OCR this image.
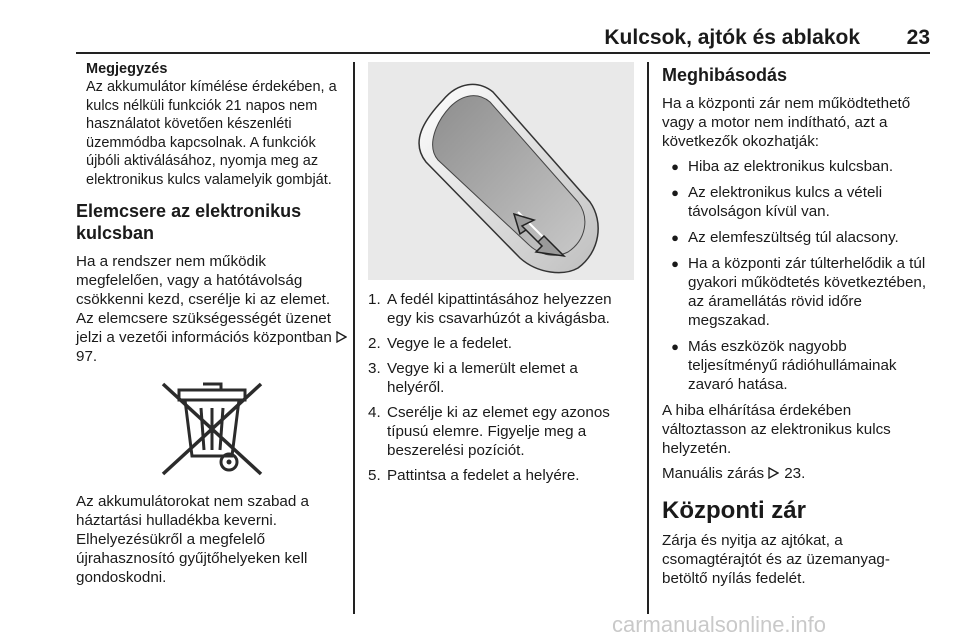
Kulcsok, ajtók és ablakok	23

Megjegyzés

Az akkumulátor kímélése érdekében, a kulcs nélküli funkciók 21 napos nem használatot követően készenléti üzemmódba kapcsolnak. A funkciók újbóli aktiválásához, nyomja meg az elektronikus kulcs valamelyik gombját.

Elemcsere az elektronikus kulcsban

Ha a rendszer nem működik megfelelően, vagy a hatótávolság csökkenni kezd, cserélje ki az elemet. Az elemcsere szükségességét üzenet jelzi a vezetői információs központban  97.

Az akkumulátorokat nem szabad a háztartási hulladékba keverni. Elhelyezésükről a megfelelő újrahasznosító gyűjtőhelyeken kell gondoskodni.

1. A fedél kipattintásához helyezzen egy kis csavarhúzót a kivágásba.
2. Vegye le a fedelet.
3. Vegye ki a lemerült elemet a helyéről.
4. Cserélje ki az elemet egy azonos típusú elemre. Figyelje meg a beszerelési pozíciót.
5. Pattintsa a fedelet a helyére.

Meghibásodás

Ha a központi zár nem működtethető vagy a motor nem indítható, azt a következők okozhatják:

● Hiba az elektronikus kulcsban.
● Az elektronikus kulcs a vételi távolságon kívül van.
● Az elemfeszültség túl alacsony.
● Ha a központi zár túlterhelődik a túl gyakori működtetés következtében, az áramellátás rövid időre megszakad.
● Más eszközök nagyobb teljesítményű rádióhullámainak zavaró hatása.

A hiba elhárítása érdekében változtasson az elektronikus kulcs helyzetén.

Manuális zárás 23.

Központi zár

Zárja és nyitja az ajtókat, a csomagtérajtót és az üzemanyag-betöltő nyílás fedelét.

carmanualsonline.info
